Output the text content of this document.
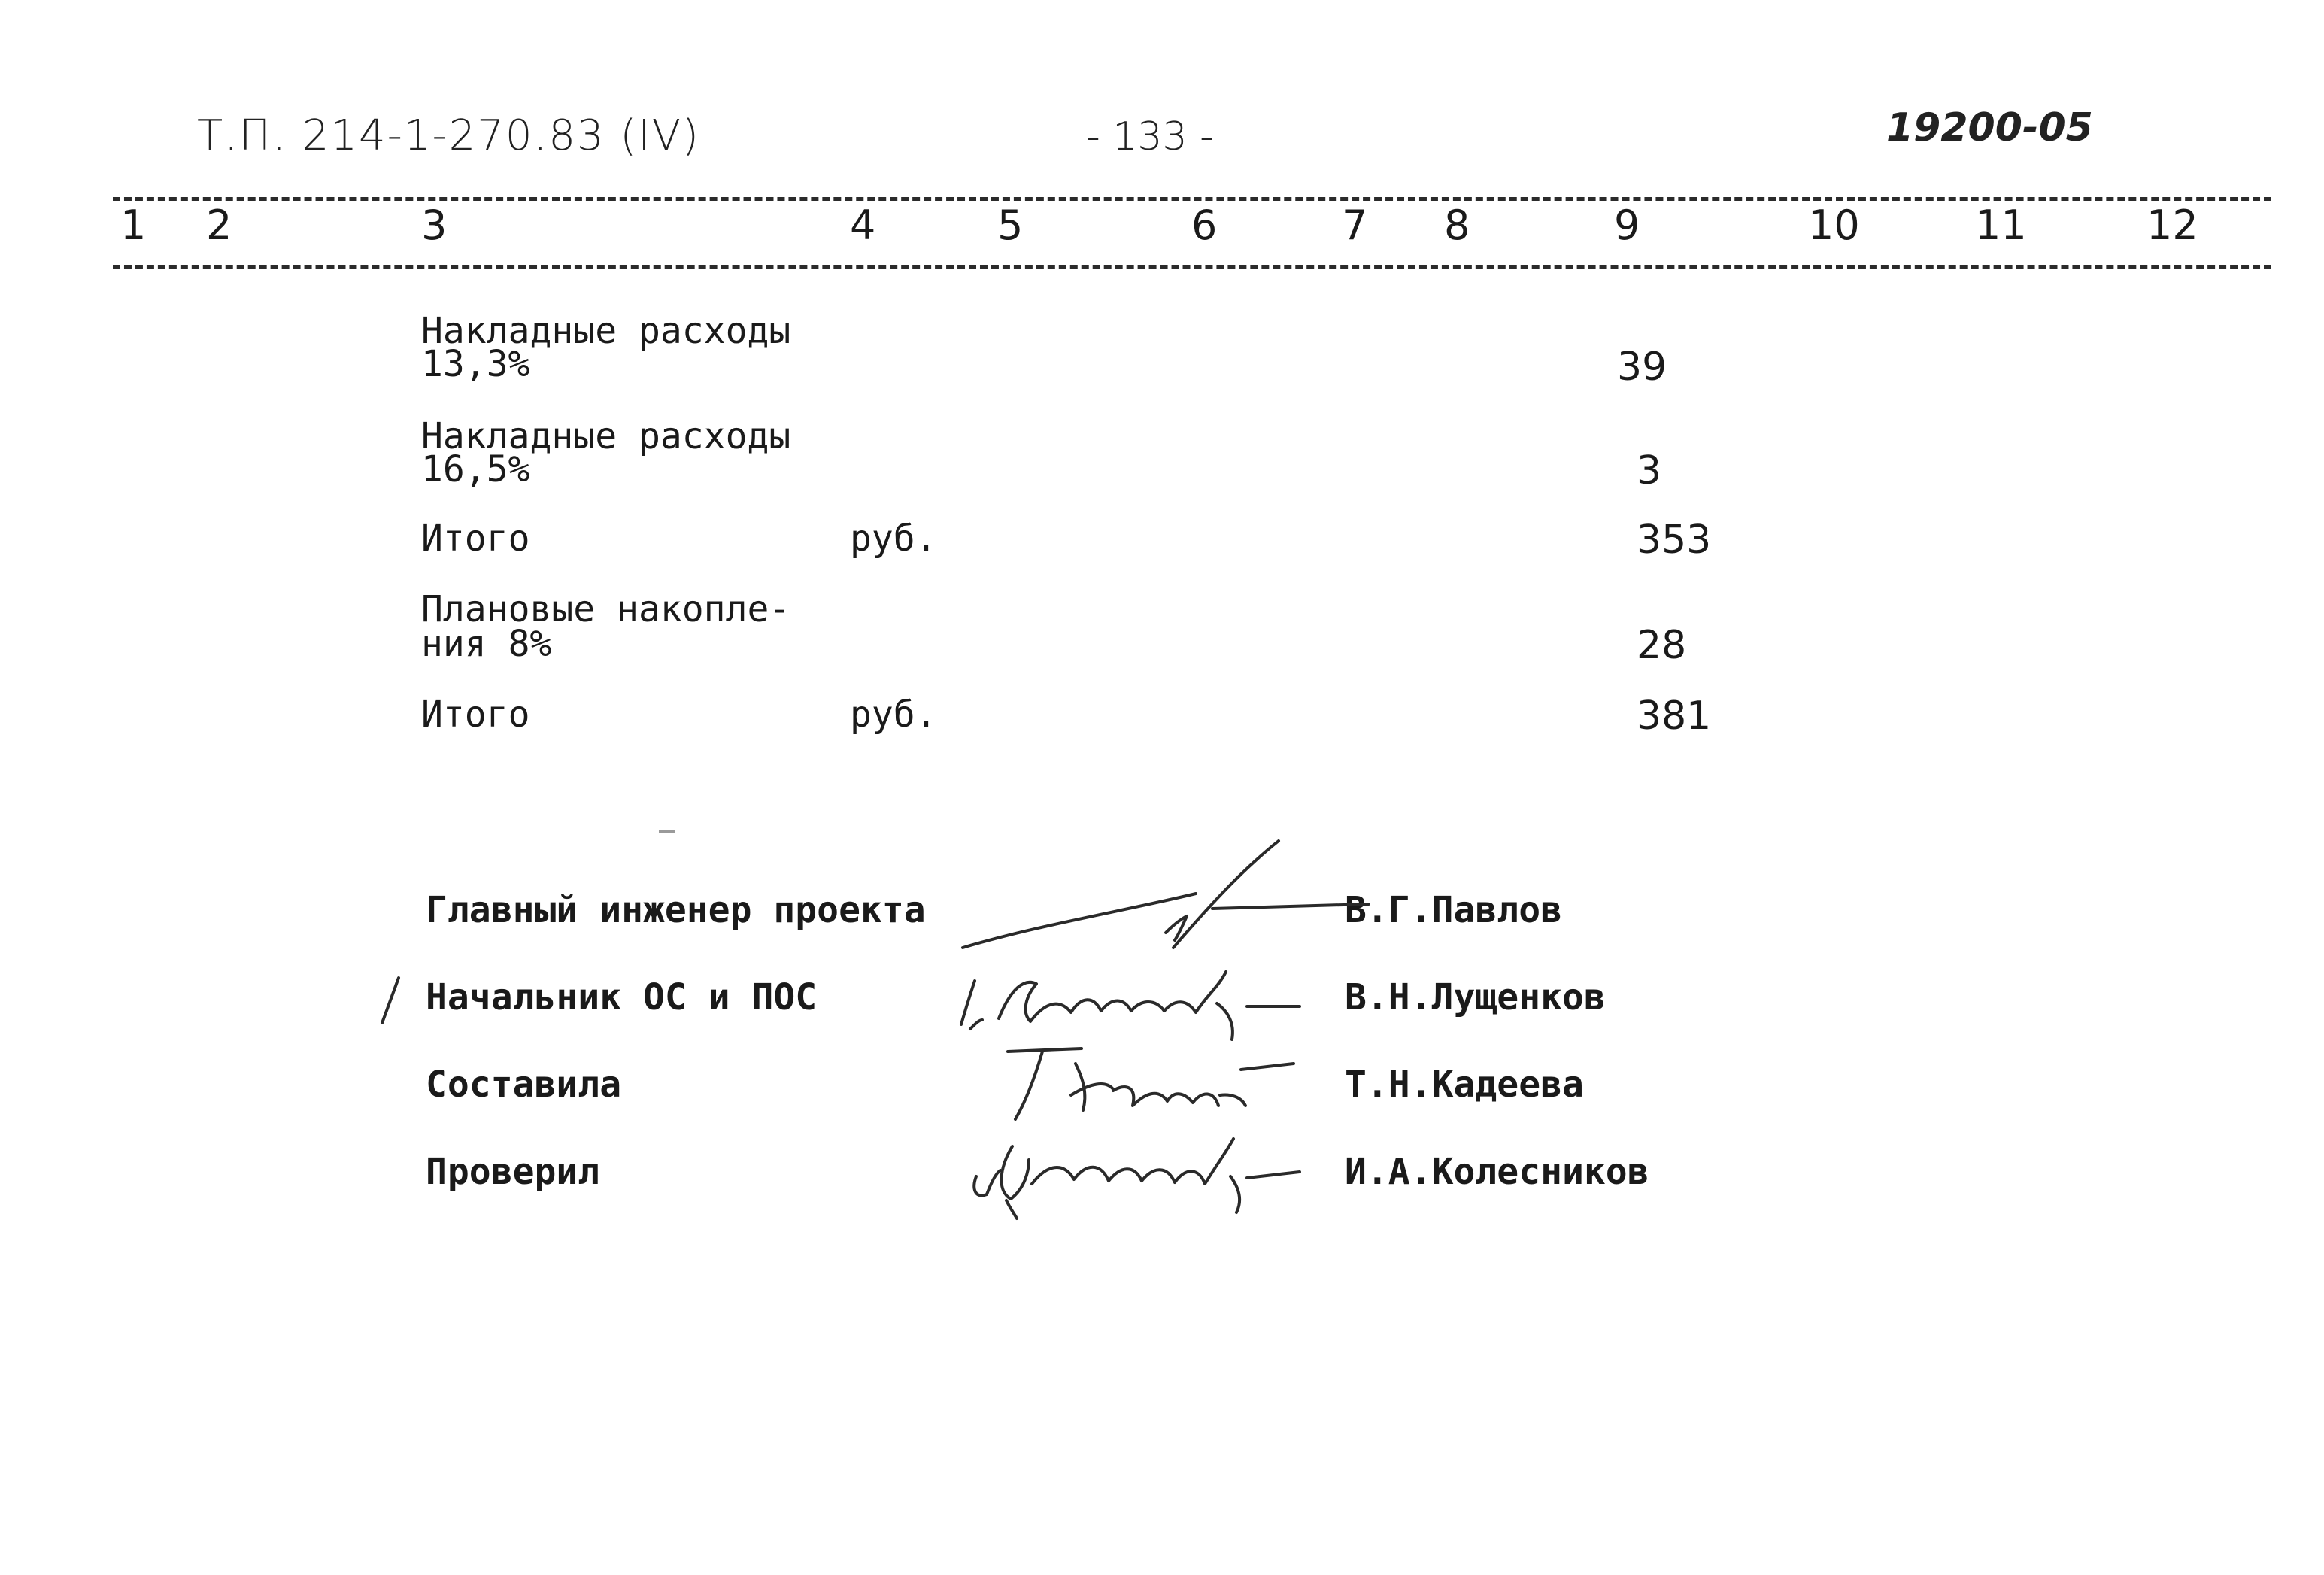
Т.П. 214-1-270.83 (IV)	- 133 -	19200-05
1 2	3	4	5	6	7 8	9	10	11	12
Накладные расходы
13,3%	39
Накладные расходы
16,5%	3
Итого	руб.	353
Плановые накопле-
ния 8%	28
Итого	руб.	381
Главный инженер проекта	В.Г.Павлов
Начальник ОС и ПОС	В.Н.Лущенков
Составила	Т.Н.Кадеева
Проверил	И.А.Колесников
